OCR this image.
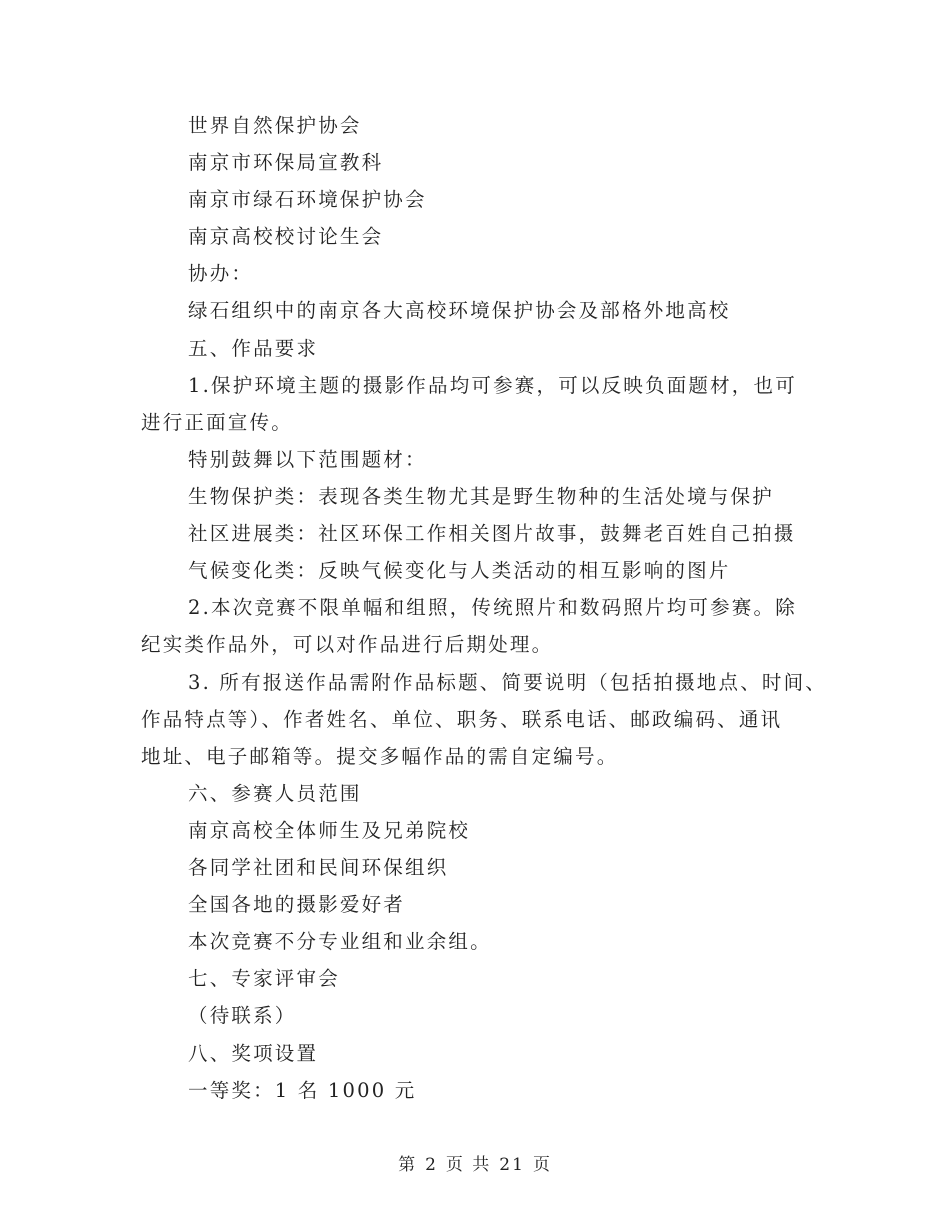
世界自然保护协会
南京市环保局宣教科
南京市绿石环境保护协会
南京高校校讨论生会
协办：
绿石组织中的南京各大高校环境保护协会及部格外地高校
五、作品要求
1.保护环境主题的摄影作品均可参赛，可以反映负面题材，也可
进行正面宣传。
特别鼓舞以下范围题材：
生物保护类：表现各类生物尤其是野生物种的生活处境与保护
社区进展类：社区环保工作相关图片故事，鼓舞老百姓自己拍摄
气候变化类：反映气候变化与人类活动的相互影响的图片
2.本次竞赛不限单幅和组照，传统照片和数码照片均可参赛。除
纪实类作品外，可以对作品进行后期处理。
3. 所有报送作品需附作品标题、简要说明（包括拍摄地点、时间、
作品特点等）、作者姓名、单位、职务、联系电话、邮政编码、通讯
地址、电子邮箱等。提交多幅作品的需自定编号。
六、参赛人员范围
南京高校全体师生及兄弟院校
各同学社团和民间环保组织
全国各地的摄影爱好者
本次竞赛不分专业组和业余组。
七、专家评审会
（待联系）
八、奖项设置
一等奖：1 名 1000 元
第 2 页 共 21 页
